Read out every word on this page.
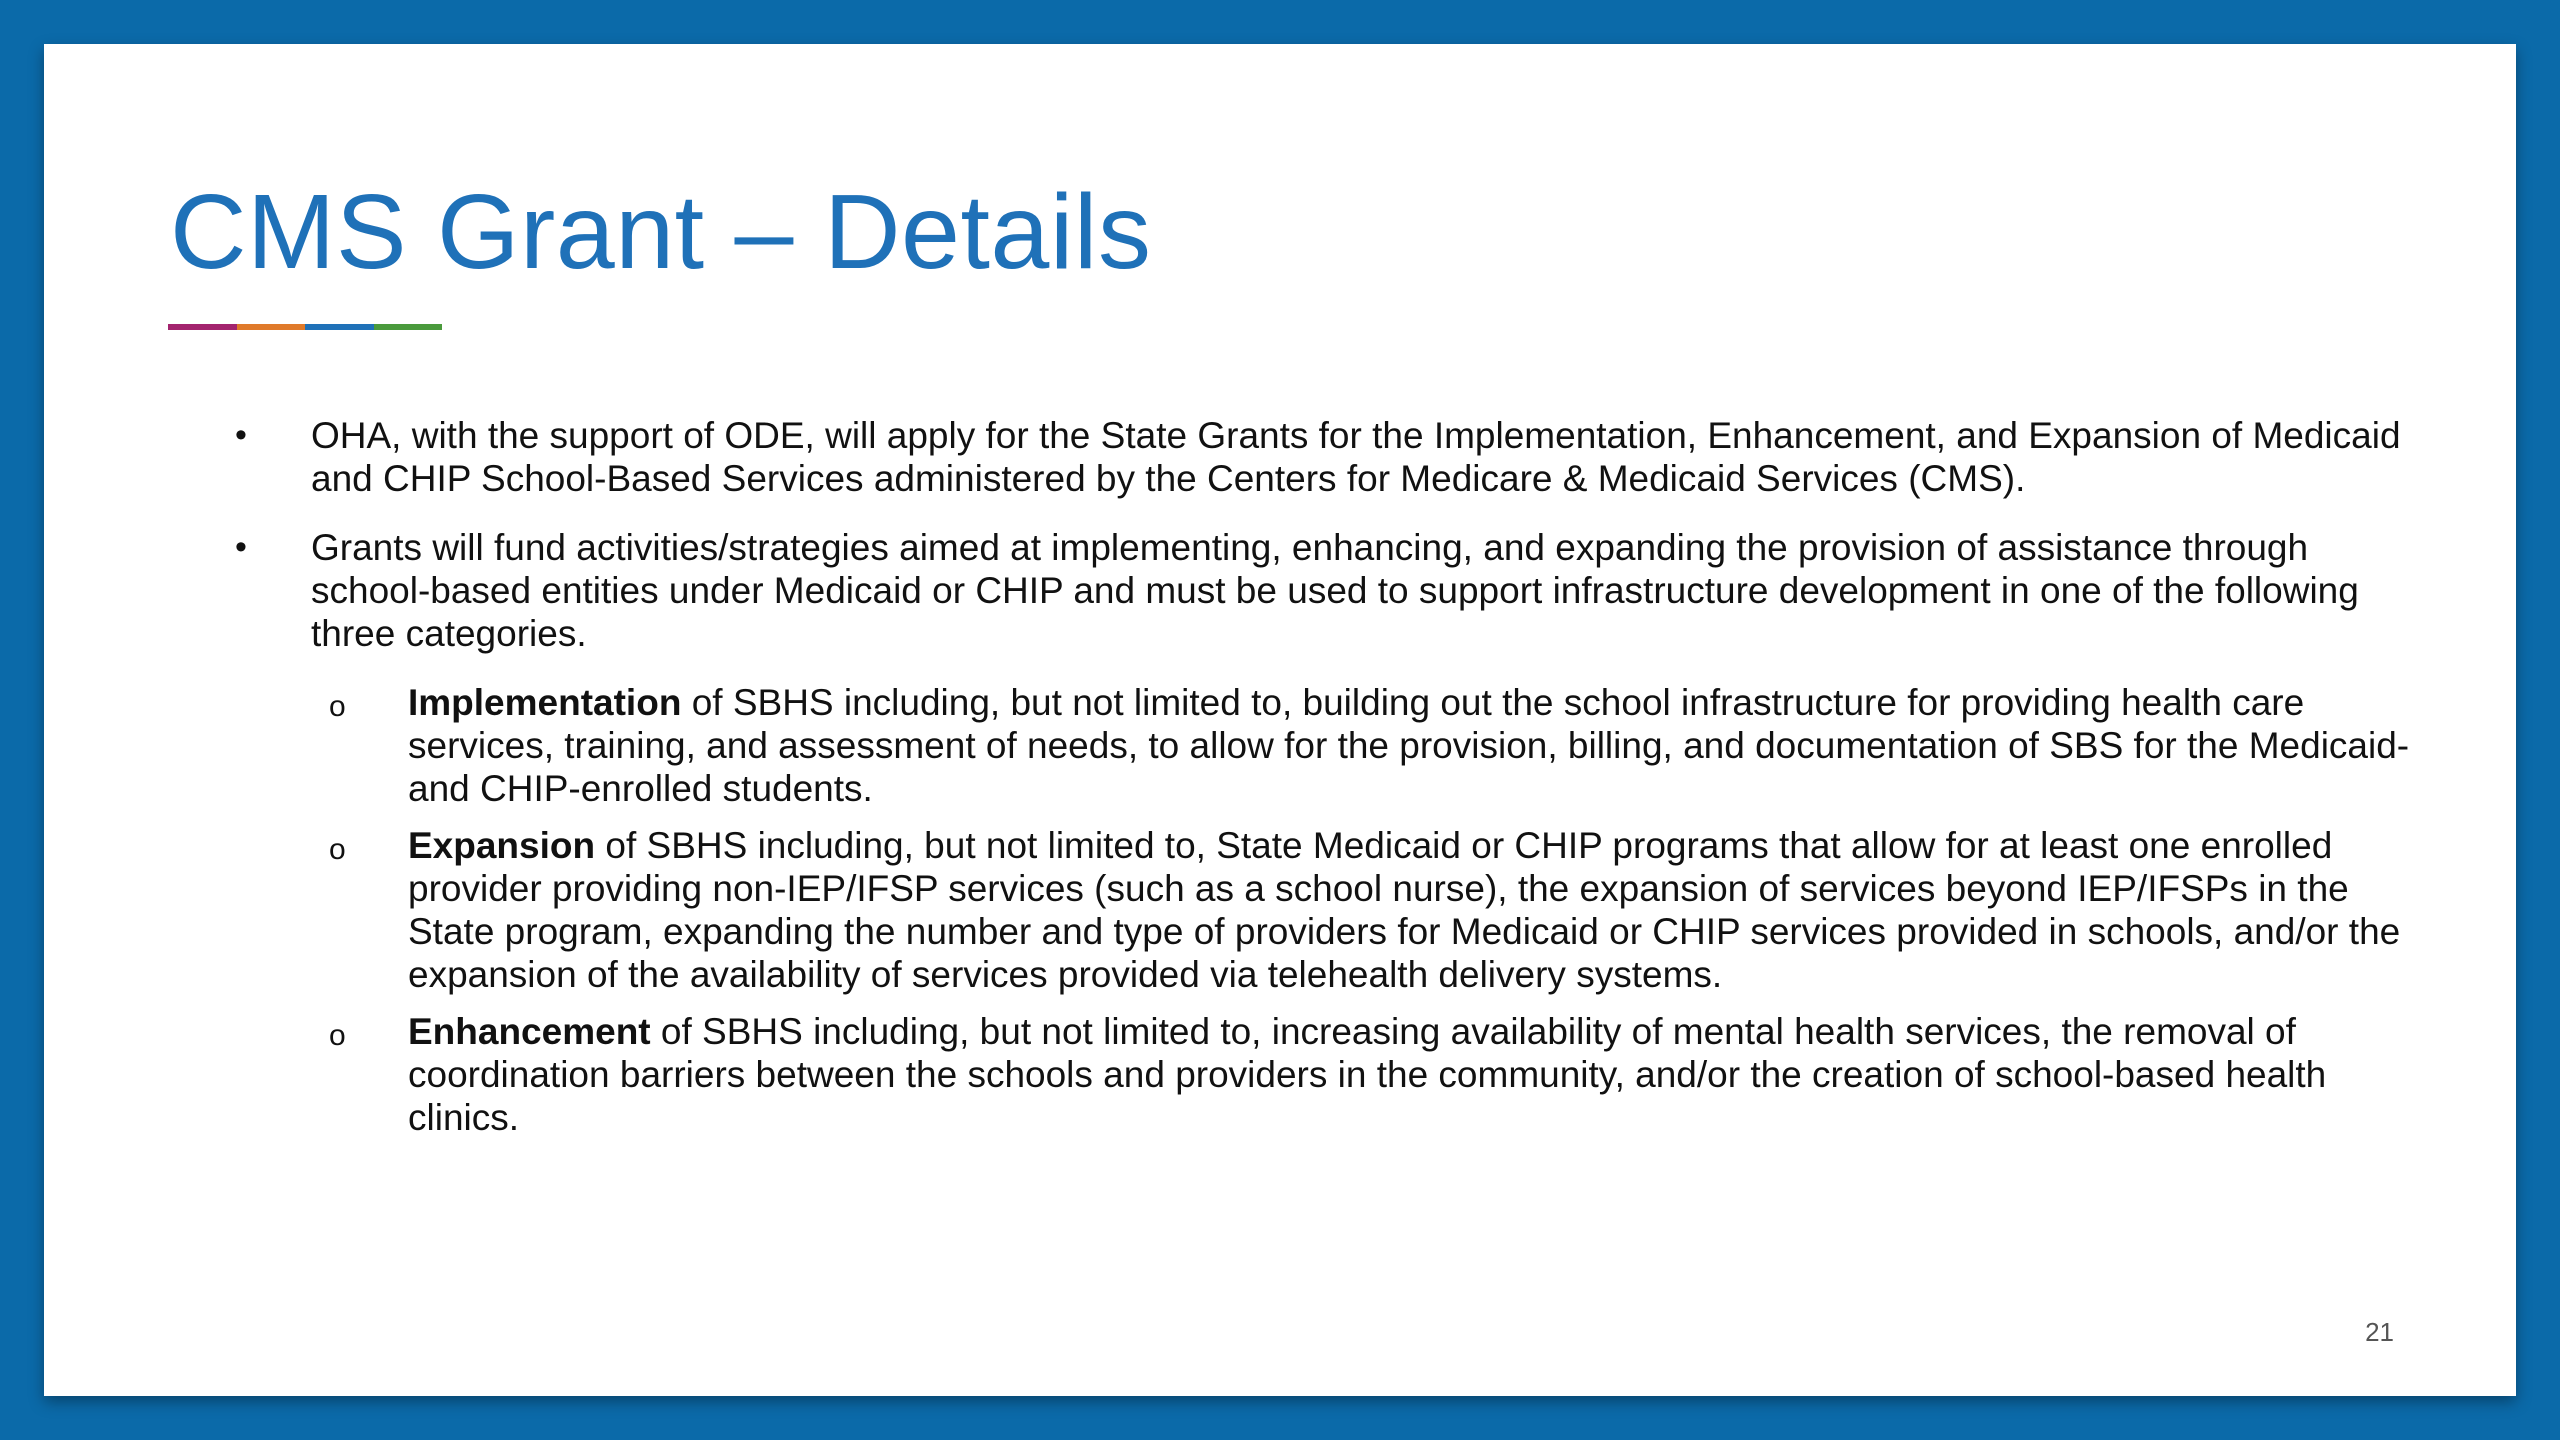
CMS Grant – Details
• OHA, with the support of ODE, will apply for the State Grants for the Implementation, Enhancement, and Expansion of Medicaid and CHIP School-Based Services administered by the Centers for Medicare & Medicaid Services (CMS).
• Grants will fund activities/strategies aimed at implementing, enhancing, and expanding the provision of assistance through school-based entities under Medicaid or CHIP and must be used to support infrastructure development in one of the following three categories.
o Implementation of SBHS including, but not limited to, building out the school infrastructure for providing health care services, training, and assessment of needs, to allow for the provision, billing, and documentation of SBS for the Medicaid-and CHIP-enrolled students.
o Expansion of SBHS including, but not limited to, State Medicaid or CHIP programs that allow for at least one enrolled provider providing non-IEP/IFSP services (such as a school nurse), the expansion of services beyond IEP/IFSPs in the State program, expanding the number and type of providers for Medicaid or CHIP services provided in schools, and/or the expansion of the availability of services provided via telehealth delivery systems.
o Enhancement of SBHS including, but not limited to, increasing availability of mental health services, the removal of coordination barriers between the schools and providers in the community, and/or the creation of school-based health clinics.
21
